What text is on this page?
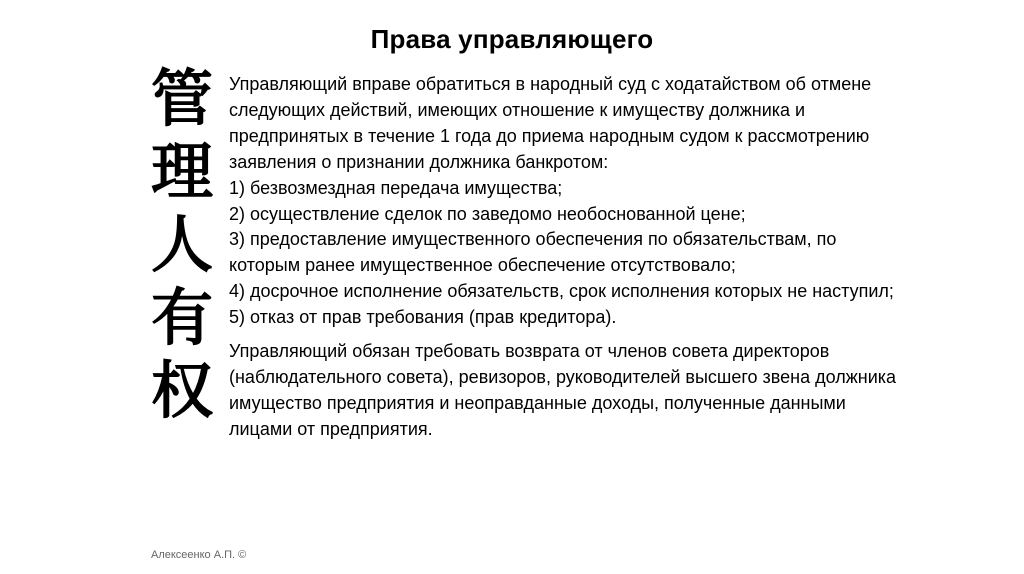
Права управляющего
管
理
人
有
权

Управляющий вправе обратиться в народный суд с ходатайством об отмене следующих действий, имеющих отношение к имуществу должника и предпринятых в течение 1 года до приема народным судом к рассмотрению заявления о признании должника банкротом:

1) безвозмездная передача имущества;
2) осуществление сделок по заведомо необоснованной цене;
3) предоставление имущественного обеспечения по обязательствам, по которым ранее имущественное обеспечение отсутствовало;
4) досрочное исполнение обязательств, срок исполнения которых не наступил;
5) отказ от прав требования (прав кредитора).

Управляющий обязан требовать возврата от членов совета директоров (наблюдательного совета), ревизоров, руководителей высшего звена должника имущество предприятия и неоправданные доходы, полученные данными лицами от предприятия.

Алексеенко А.П. ©
